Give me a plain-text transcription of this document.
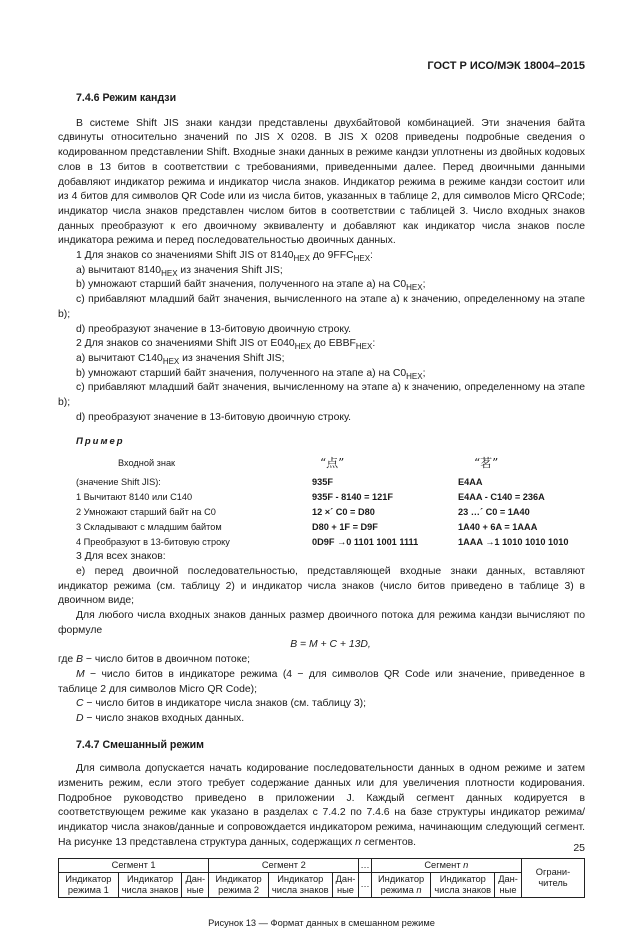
ГОСТ Р ИСО/МЭК 18004–2015
7.4.6 Режим кандзи

В системе Shift JIS знаки кандзи представлены двухбайтовой комбинацией. Эти значения байта сдвинуты относительно значений по JIS X 0208. В JIS X 0208 приведены подробные сведения о кодированном представлении Shift. Входные знаки данных в режиме кандзи уплотнены из двойных кодовых слов в 13 битов в соответствии с требованиями, приведенными далее. Перед двоичными данными добавляют индикатор режима и индикатор числа знаков. Индикатор режима в режиме кандзи состоит или из 4 битов для символов QR Code или из числа битов, указанных в таблице 2, для символов Micro QRCode; индикатор числа знаков представлен числом битов в соответствии с таблицей 3. Число входных знаков данных преобразуют к его двоичному эквиваленту и добавляют как индикатор числа знаков после индикатора режима и перед последовательностью двоичных данных.

1 Для знаков со значениями Shift JIS от $8140_{HEX}$ до $9FFC_{HEX}$:

a) вычитают $8140_{HEX}$ из значения Shift JIS;

b) умножают старший байт значения, полученного на этапе a) на $C0_{HEX}$;

c) прибавляют младший байт значения, вычисленного на этапе a) к значению, определенному на этапе b);

d) преобразуют значение в 13-битовую двоичную строку.

2 Для знаков со значениями Shift JIS от $E040_{HEX}$ до $EBBF_{HEX}$:

a) вычитают $C140_{HEX}$ из значения Shift JIS;

b) умножают старший байт значения, полученного на этапе a) на $C0_{HEX}$;

c) прибавляют младший байт значения, вычисленному на этапе a) к значению, определенному на этапе b);

d) преобразуют значение в 13-битовую двоичную строку.

Пример
Входной знак	“点”	“茗”
(значение Shift JIS):	935F	E4AA
1 Вычитают 8140 или C140	935F - 8140 = 121F	E4AA - C140 = 236A
2 Умножают старший байт на C0	12 ×´ C0 = D80	23 …´ C0 = 1A40
3 Складывают с младшим байтом	D80 + 1F = D9F	1A40 + 6A = 1AAA
4 Преобразуют в 13-битовую строку	0D9F →0 1101 1001 1111	1AAA →1 1010 1010 1010

3 Для всех знаков:

e) перед двоичной последовательностью, представляющей входные знаки данных, вставляют индикатор режима (см. таблицу 2) и индикатор числа знаков (число битов приведено в таблице 3) в двоичном виде;

Для любого числа входных знаков данных размер двоичного потока для режима кандзи вычисляют по формуле

B = M + C + 13D,

где B − число битов в двоичном потоке;

M − число битов в индикаторе режима (4 − для символов QR Code или значение, приведенное в таблице 2 для символов Micro QR Code);

C − число битов в индикаторе числа знаков (см. таблицу 3);

D − число знаков входных данных.

7.4.7 Смешанный режим

Для символа допускается начать кодирование последовательности данных в одном режиме и затем изменить режим, если этого требует содержание данных или для увеличения плотности кодирования. Подробное руководство приведено в приложении J. Каждый сегмент данных кодируется в соответствующем режиме как указано в разделах с 7.4.2 по 7.4.6 на базе структуры индикатор режима/индикатор числа знаков/данные и сопровождается индикатором режима, начинающим следующий сегмент. На рисунке 13 представлена структура данных, содержащих n сегментов.

Сегмент 1			Сегмент 2			…	Сегмент n			Ограни-читель
Индикатор режима 1	Индикатор числа знаков	Дан-ные	Индикатор режима 2	Индикатор числа знаков	Дан-ные	…	Индикатор режима n	Индикатор числа знаков	Дан-ные	
Рисунок 13 — Формат данных в смешанном режиме
25
